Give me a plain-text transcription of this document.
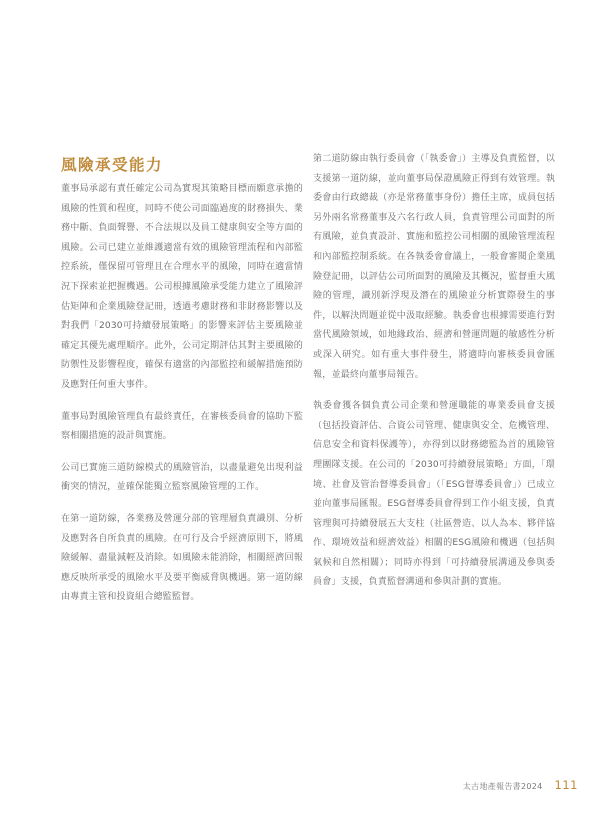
風險承受能力

董事局承認有責任確定公司為實現其策略目標而願意承擔的風險的性質和程度，同時不使公司面臨過度的財務損失、業務中斷、負面聲譽、不合法規以及員工健康與安全等方面的風險。公司已建立並維護適當有效的風險管理流程和內部監控系統，僅保留可管理且在合理水平的風險，同時在適當情況下探索並把握機遇。公司根據風險承受能力建立了風險評估矩陣和企業風險登記冊，透過考慮財務和非財務影響以及對我們「2030可持續發展策略」的影響來評估主要風險並確定其優先處理順序。此外，公司定期評估其對主要風險的防禦性及影響程度，確保有適當的內部監控和緩解措施預防及應對任何重大事件。

董事局對風險管理負有最終責任，在審核委員會的協助下監察相關措施的設計與實施。

公司已實施三道防線模式的風險管治，以盡量避免出現利益衝突的情況，並確保能獨立監察風險管理的工作。

在第一道防線，各業務及營運分部的管理層負責識別、分析及應對各自所負責的風險。在可行及合乎經濟原則下，將風險緩解、盡量減輕及消除。如風險未能消除，相關經濟回報應反映所承受的風險水平及要平衡威脅與機遇。第一道防線由專責主管和投資組合總監監督。

第二道防線由執行委員會（「執委會」）主導及負責監督，以支援第一道防線，並向董事局保證風險正得到有效管理。執委會由行政總裁（亦是常務董事身份）擔任主席，成員包括另外兩名常務董事及六名行政人員，負責管理公司面對的所有風險，並負責設計、實施和監控公司相關的風險管理流程和內部監控制系統。在各執委會會議上，一般會審閱企業風險登記冊，以評估公司所面對的風險及其概況，監督重大風險的管理，識別新浮現及潛在的風險並分析實際發生的事件，以解決問題並從中汲取經驗。執委會也根據需要進行對當代風險領域，如地緣政治、經濟和營運問題的敏感性分析或深入研究。如有重大事件發生，將適時向審核委員會匯報，並最終向董事局報告。

執委會獲各個負責公司企業和營運職能的專業委員會支援（包括投資評估、合資公司管理、健康與安全、危機管理、信息安全和資料保護等），亦得到以財務總監為首的風險管理團隊支援。在公司的「2030可持續發展策略」方面，「環境、社會及管治督導委員會」（「ESG督導委員會」）已成立並向董事局匯報。ESG督導委員會得到工作小組支援，負責管理與可持續發展五大支柱（社區營造、以人為本、夥伴協作、環境效益和經濟效益）相關的ESG風險和機遇（包括與氣候和自然相關）；同時亦得到「可持續發展溝通及參與委員會」支援，負責監督溝通和參與計劃的實施。

太古地產報告書2024 111
